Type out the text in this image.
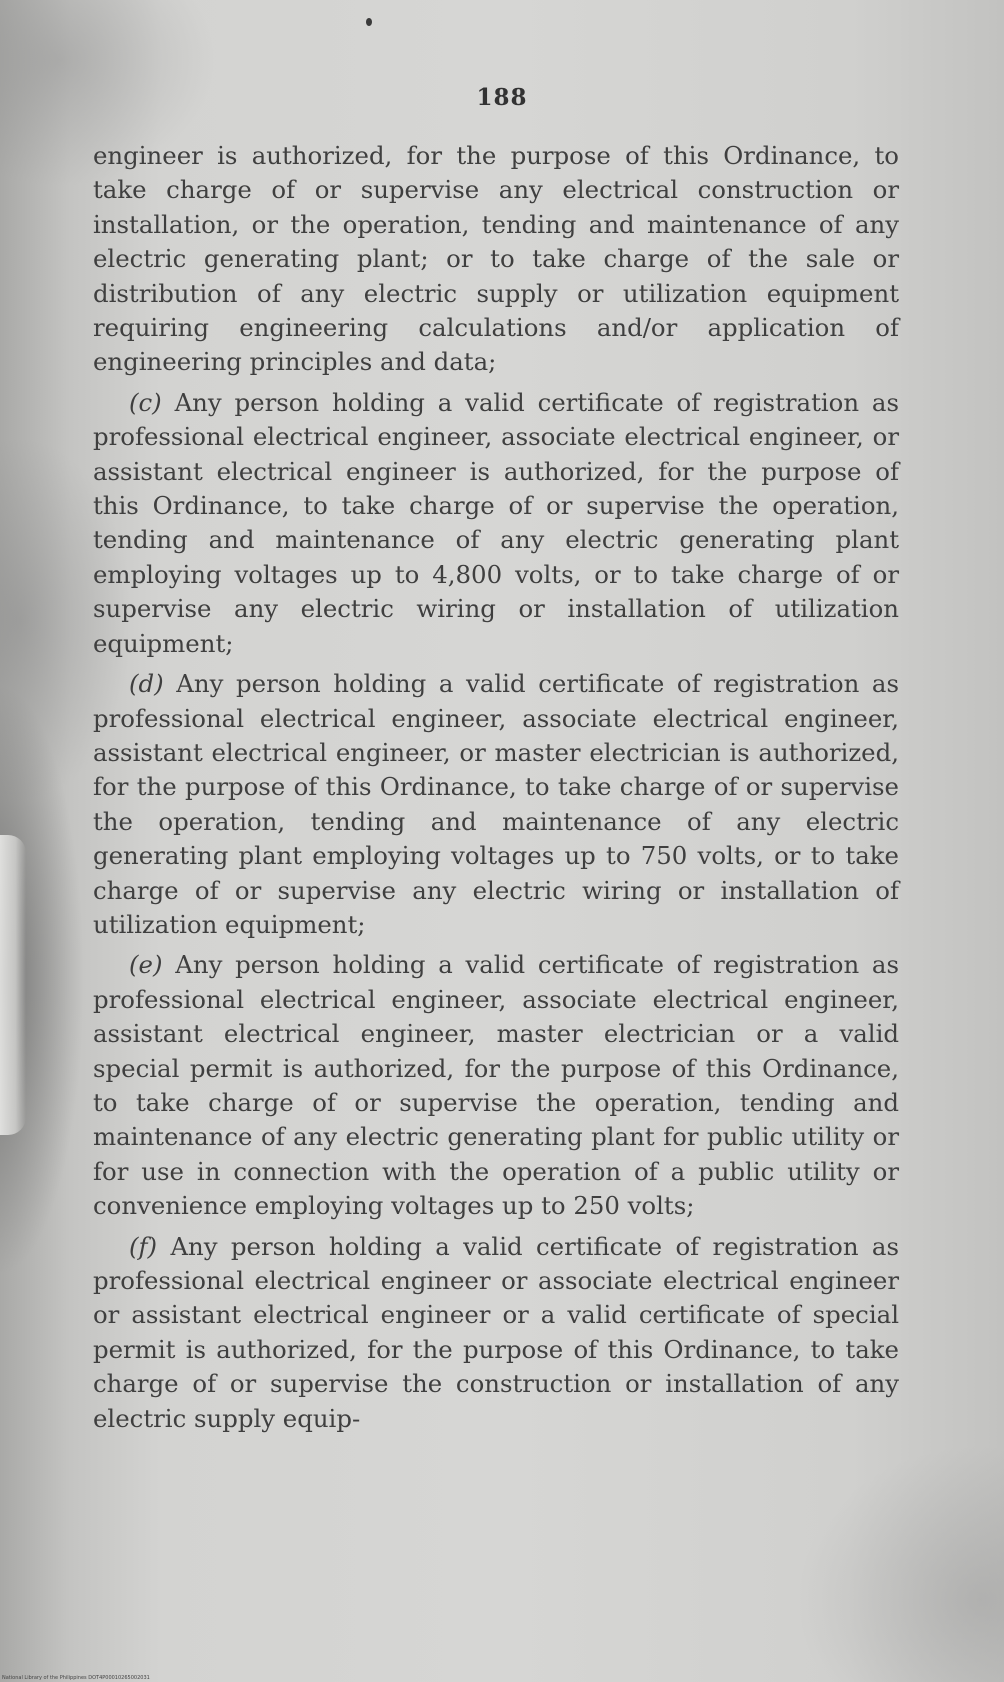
188

engineer is authorized, for the purpose of this Ordinance, to take charge of or supervise any electrical construction or installation, or the operation, tending and maintenance of any electric generating plant; or to take charge of the sale or distribution of any electric supply or utilization equipment requiring engineering calculations and/or application of engineering principles and data;

(c) Any person holding a valid certificate of registration as professional electrical engineer, associate electrical engineer, or assistant electrical engineer is authorized, for the purpose of this Ordinance, to take charge of or supervise the operation, tending and maintenance of any electric generating plant employing voltages up to 4,800 volts, or to take charge of or supervise any electric wiring or installation of utilization equipment;

(d) Any person holding a valid certificate of registration as professional electrical engineer, associate electrical engineer, assistant electrical engineer, or master electrician is authorized, for the purpose of this Ordinance, to take charge of or supervise the operation, tending and maintenance of any electric generating plant employing voltages up to 750 volts, or to take charge of or supervise any electric wiring or installation of utilization equipment;

(e) Any person holding a valid certificate of registration as professional electrical engineer, associate electrical engineer, assistant electrical engineer, master electrician or a valid special permit is authorized, for the purpose of this Ordinance, to take charge of or supervise the operation, tending and maintenance of any electric generating plant for public utility or for use in connection with the operation of a public utility or convenience employing voltages up to 250 volts;

(f) Any person holding a valid certificate of registration as professional electrical engineer or associate electrical engineer or assistant electrical engineer or a valid certificate of special permit is authorized, for the purpose of this Ordinance, to take charge of or supervise the construction or installation of any electric supply equip-

National Library of the Philippines DOT4P00010265002031
